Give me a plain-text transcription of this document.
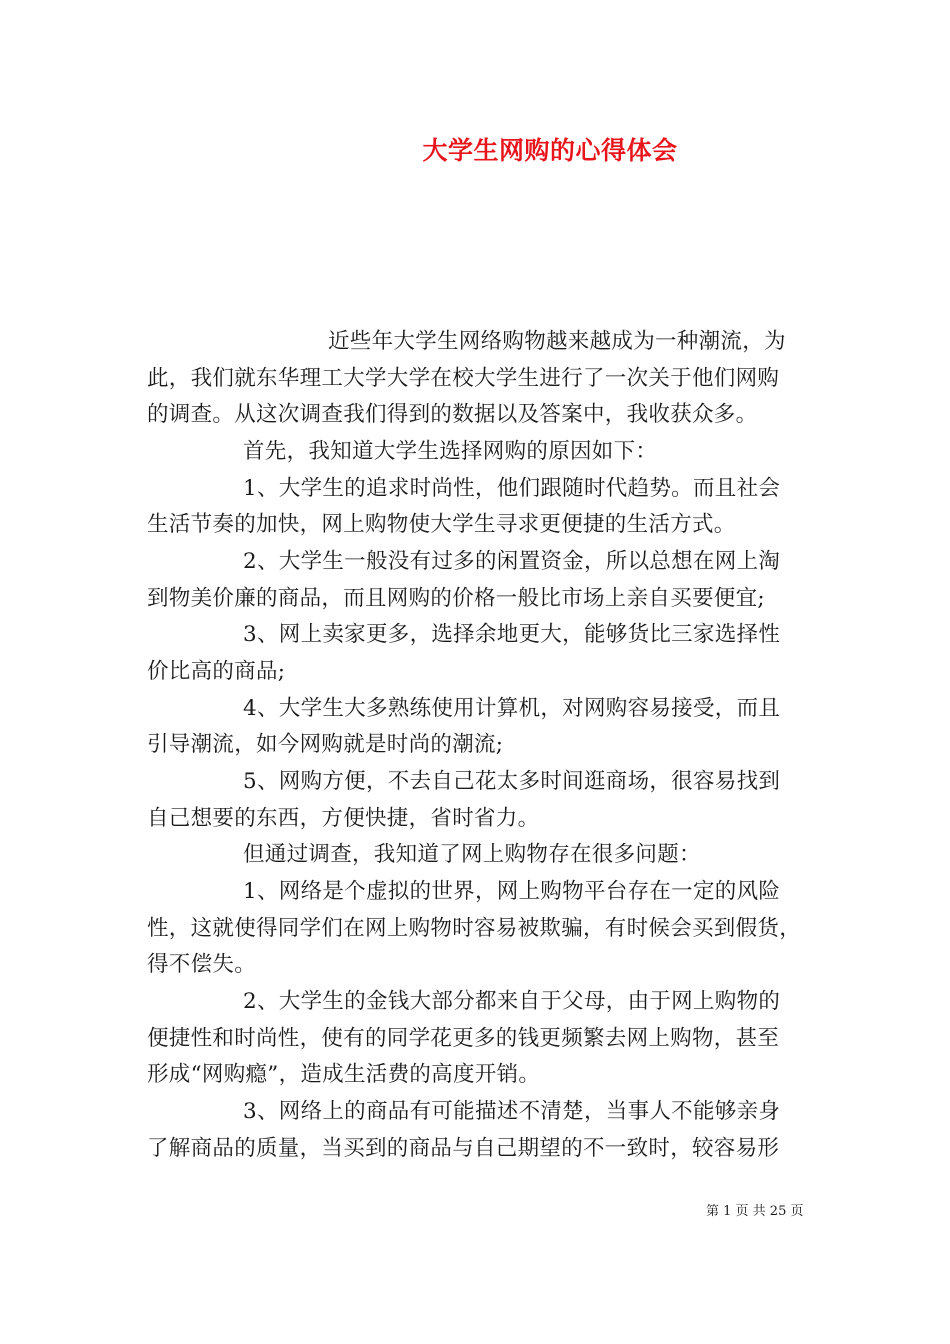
大学生网购的心得体会
近些年大学生网络购物越来越成为一种潮流，为
此，我们就东华理工大学大学在校大学生进行了一次关于他们网购
的调查。从这次调查我们得到的数据以及答案中，我收获众多。
首先，我知道大学生选择网购的原因如下：
1、大学生的追求时尚性，他们跟随时代趋势。而且社会
生活节奏的加快，网上购物使大学生寻求更便捷的生活方式。
2、大学生一般没有过多的闲置资金，所以总想在网上淘
到物美价廉的商品，而且网购的价格一般比市场上亲自买要便宜;
3、网上卖家更多，选择余地更大，能够货比三家选择性
价比高的商品;
4、大学生大多熟练使用计算机，对网购容易接受，而且
引导潮流，如今网购就是时尚的潮流;
5、网购方便，不去自己花太多时间逛商场，很容易找到
自己想要的东西，方便快捷，省时省力。
但通过调查，我知道了网上购物存在很多问题：
1、网络是个虚拟的世界，网上购物平台存在一定的风险
性，这就使得同学们在网上购物时容易被欺骗，有时候会买到假货，
得不偿失。
2、大学生的金钱大部分都来自于父母，由于网上购物的
便捷性和时尚性，使有的同学花更多的钱更频繁去网上购物，甚至
形成“网购瘾”，造成生活费的高度开销。
3、网络上的商品有可能描述不清楚，当事人不能够亲身
了解商品的质量，当买到的商品与自己期望的不一致时，较容易形
第 1 页 共 25 页
